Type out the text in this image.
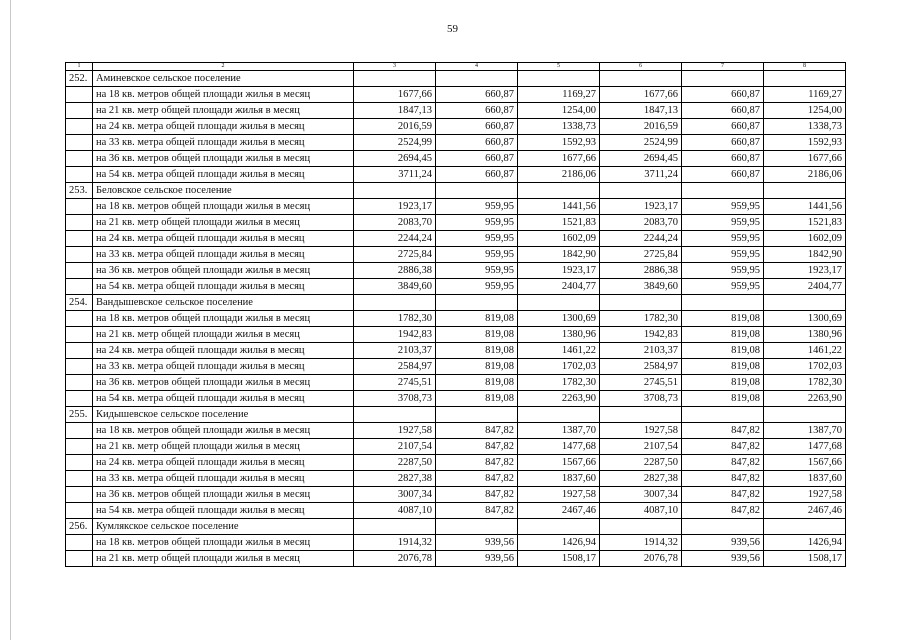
59
1	2	3	4	5	6	7	8
252.	Аминевское сельское поселение						
	на 18 кв. метров общей площади жилья в месяц	1677,66	660,87	1169,27	1677,66	660,87	1169,27
	на 21 кв. метр общей площади жилья в месяц	1847,13	660,87	1254,00	1847,13	660,87	1254,00
	на 24 кв. метра общей площади жилья в месяц	2016,59	660,87	1338,73	2016,59	660,87	1338,73
	на 33 кв. метра общей площади жилья в месяц	2524,99	660,87	1592,93	2524,99	660,87	1592,93
	на 36 кв. метров общей площади жилья в месяц	2694,45	660,87	1677,66	2694,45	660,87	1677,66
	на 54 кв. метра общей площади жилья в месяц	3711,24	660,87	2186,06	3711,24	660,87	2186,06
253.	Беловское сельское поселение						
	на 18 кв. метров общей площади жилья в месяц	1923,17	959,95	1441,56	1923,17	959,95	1441,56
	на 21 кв. метр общей площади жилья в месяц	2083,70	959,95	1521,83	2083,70	959,95	1521,83
	на 24 кв. метра общей площади жилья в месяц	2244,24	959,95	1602,09	2244,24	959,95	1602,09
	на 33 кв. метра общей площади жилья в месяц	2725,84	959,95	1842,90	2725,84	959,95	1842,90
	на 36 кв. метров общей площади жилья в месяц	2886,38	959,95	1923,17	2886,38	959,95	1923,17
	на 54 кв. метра общей площади жилья в месяц	3849,60	959,95	2404,77	3849,60	959,95	2404,77
254.	Вандышевское сельское поселение						
	на 18 кв. метров общей площади жилья в месяц	1782,30	819,08	1300,69	1782,30	819,08	1300,69
	на 21 кв. метр общей площади жилья в месяц	1942,83	819,08	1380,96	1942,83	819,08	1380,96
	на 24 кв. метра общей площади жилья в месяц	2103,37	819,08	1461,22	2103,37	819,08	1461,22
	на 33 кв. метра общей площади жилья в месяц	2584,97	819,08	1702,03	2584,97	819,08	1702,03
	на 36 кв. метров общей площади жилья в месяц	2745,51	819,08	1782,30	2745,51	819,08	1782,30
	на 54 кв. метра общей площади жилья в месяц	3708,73	819,08	2263,90	3708,73	819,08	2263,90
255.	Кидышевское сельское поселение						
	на 18 кв. метров общей площади жилья в месяц	1927,58	847,82	1387,70	1927,58	847,82	1387,70
	на 21 кв. метр общей площади жилья в месяц	2107,54	847,82	1477,68	2107,54	847,82	1477,68
	на 24 кв. метра общей площади жилья в месяц	2287,50	847,82	1567,66	2287,50	847,82	1567,66
	на 33 кв. метра общей площади жилья в месяц	2827,38	847,82	1837,60	2827,38	847,82	1837,60
	на 36 кв. метров общей площади жилья в месяц	3007,34	847,82	1927,58	3007,34	847,82	1927,58
	на 54 кв. метра общей площади жилья в месяц	4087,10	847,82	2467,46	4087,10	847,82	2467,46
256.	Кумлякское сельское поселение						
	на 18 кв. метров общей площади жилья в месяц	1914,32	939,56	1426,94	1914,32	939,56	1426,94
	на 21 кв. метр общей площади жилья в месяц	2076,78	939,56	1508,17	2076,78	939,56	1508,17
